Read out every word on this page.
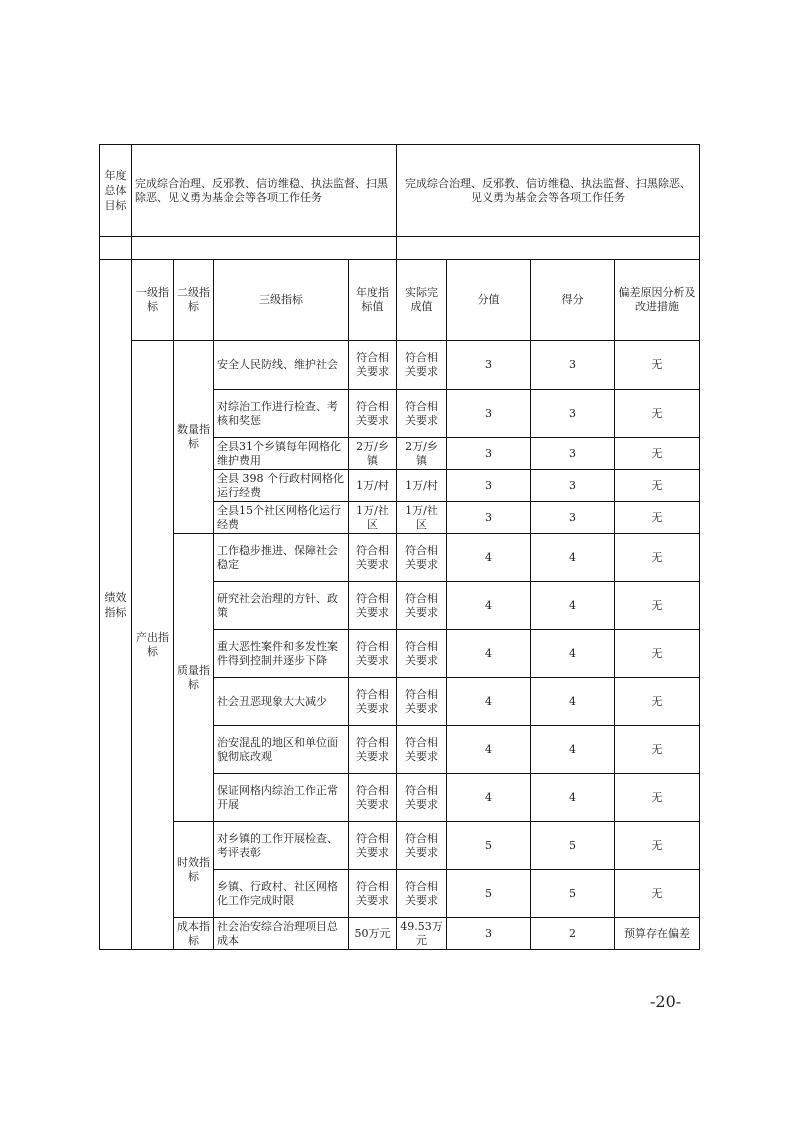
年度总体目标	完成综合治理、反邪教、信访维稳、执法监督、扫黑除恶、见义勇为基金会等各项工作任务				完成综合治理、反邪教、信访维稳、执法监督、扫黑除恶、见义勇为基金会等各项工作任务			

绩效指标	一级指标	二级指标	三级指标	年度指标值	实际完成值	分值	得分	偏差原因分析及改进措施
	产出指标	数量指标	安全人民防线、维护社会	符合相关要求	符合相关要求	3	3	无
			对综治工作进行检查、考核和奖惩	符合相关要求	符合相关要求	3	3	无
			全县31个乡镇每年网格化维护费用	2万/乡镇	2万/乡镇	3	3	无
			全县 398 个行政村网格化运行经费	1万/村	1万/村	3	3	无
			全县15个社区网格化运行经费	1万/社区	1万/社区	3	3	无
		质量指标	工作稳步推进、保障社会稳定	符合相关要求	符合相关要求	4	4	无
			研究社会治理的方针、政策	符合相关要求	符合相关要求	4	4	无
			重大恶性案件和多发性案件得到控制并逐步下降	符合相关要求	符合相关要求	4	4	无
			社会丑恶现象大大减少	符合相关要求	符合相关要求	4	4	无
			治安混乱的地区和单位面貌彻底改观	符合相关要求	符合相关要求	4	4	无
			保证网格内综治工作正常开展	符合相关要求	符合相关要求	4	4	无
		时效指标	对乡镇的工作开展检查、考评表彰	符合相关要求	符合相关要求	5	5	无
			乡镇、行政村、社区网格化工作完成时限	符合相关要求	符合相关要求	5	5	无
		成本指标	社会治安综合治理项目总成本	50万元	49.53万元	3	2	预算存在偏差
-20-
